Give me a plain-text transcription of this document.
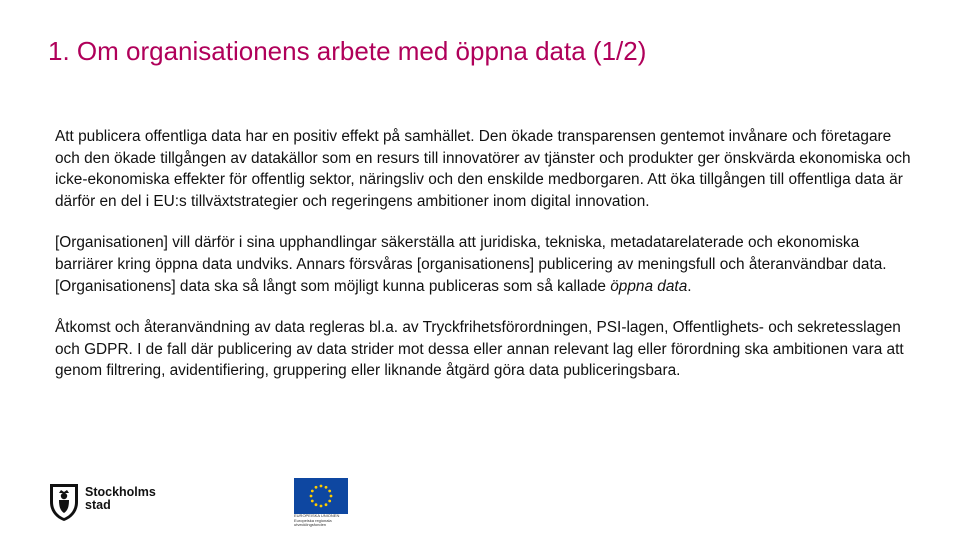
1. Om organisationens arbete med öppna data (1/2)

Att publicera offentliga data har en positiv effekt på samhället. Den ökade transparensen gentemot invånare och företagare och den ökade tillgången av datakällor som en resurs till innovatörer av tjänster och produkter ger önskvärda ekonomiska och icke-ekonomiska effekter för offentlig sektor, näringsliv och den enskilde medborgaren. Att öka tillgången till offentliga data är därför en del i EU:s tillväxtstrategier och regeringens ambitioner inom digital innovation.

[Organisationen] vill därför i sina upphandlingar säkerställa att juridiska, tekniska, metadatarelaterade och ekonomiska barriärer kring öppna data undviks. Annars försvåras [organisationens] publicering av meningsfull och återanvändbar data. [Organisationens] data ska så långt som möjligt kunna publiceras som så kallade öppna data.

Åtkomst och återanvändning av data regleras bl.a. av Tryckfrihetsförordningen, PSI-lagen, Offentlighets- och sekretesslagen och GDPR. I de fall där publicering av data strider mot dessa eller annan relevant lag eller förordning ska ambitionen vara att genom filtrering, avidentifiering, gruppering eller liknande åtgärd göra data publiceringsbara.

Stockholms
stad
EUROPEISKA UNIONEN Europeiska regionala utvecklingsfonden
